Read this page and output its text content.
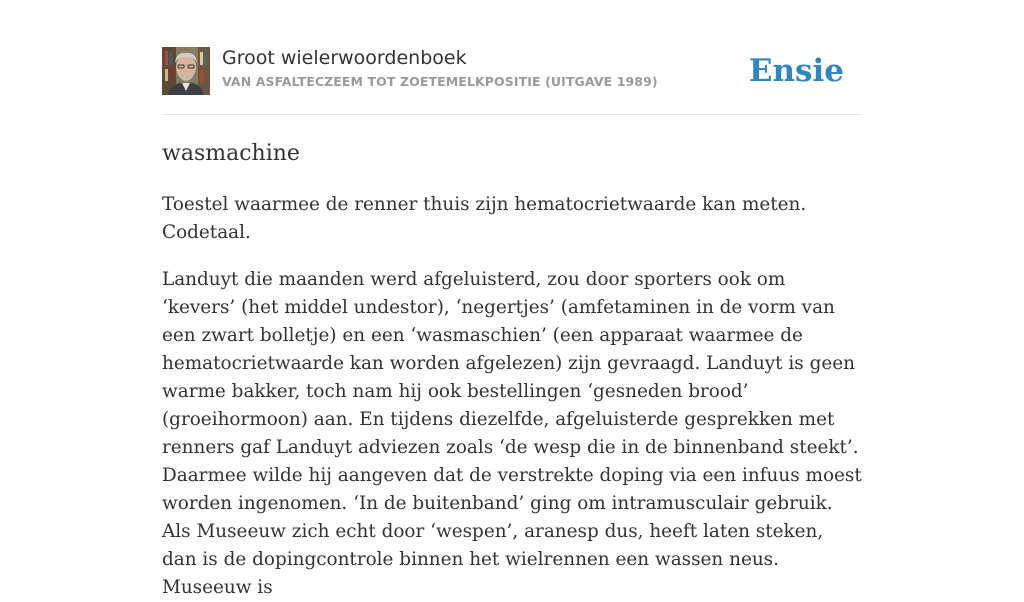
Groot wielerwoordenboek
VAN ASFALTECZEEM TOT ZOETEMELKPOSITIE (UITGAVE 1989)	Ensie
wasmachine

Toestel waarmee de renner thuis zijn hematocrietwaarde kan meten. Codetaal.

Landuyt die maanden werd afgeluisterd, zou door sporters ook om ‘kevers’ (het middel undestor), ‘negertjes’ (amfetaminen in de vorm van een zwart bolletje) en een ‘wasmaschien’ (een apparaat waarmee de hematocrietwaarde kan worden afgelezen) zijn gevraagd. Landuyt is geen warme bakker, toch nam hij ook bestellingen ‘gesneden brood’ (groeihormoon) aan. En tijdens diezelfde, afgeluisterde gesprekken met renners gaf Landuyt adviezen zoals ‘de wesp die in de binnenband steekt’. Daarmee wilde hij aangeven dat de verstrekte doping via een infuus moest worden ingenomen. ‘In de buitenband’ ging om intramusculair gebruik. Als Museeuw zich echt door ‘wespen’, aranesp dus, heeft laten steken, dan is de dopingcontrole binnen het wielrennen een wassen neus. Museeuw is
